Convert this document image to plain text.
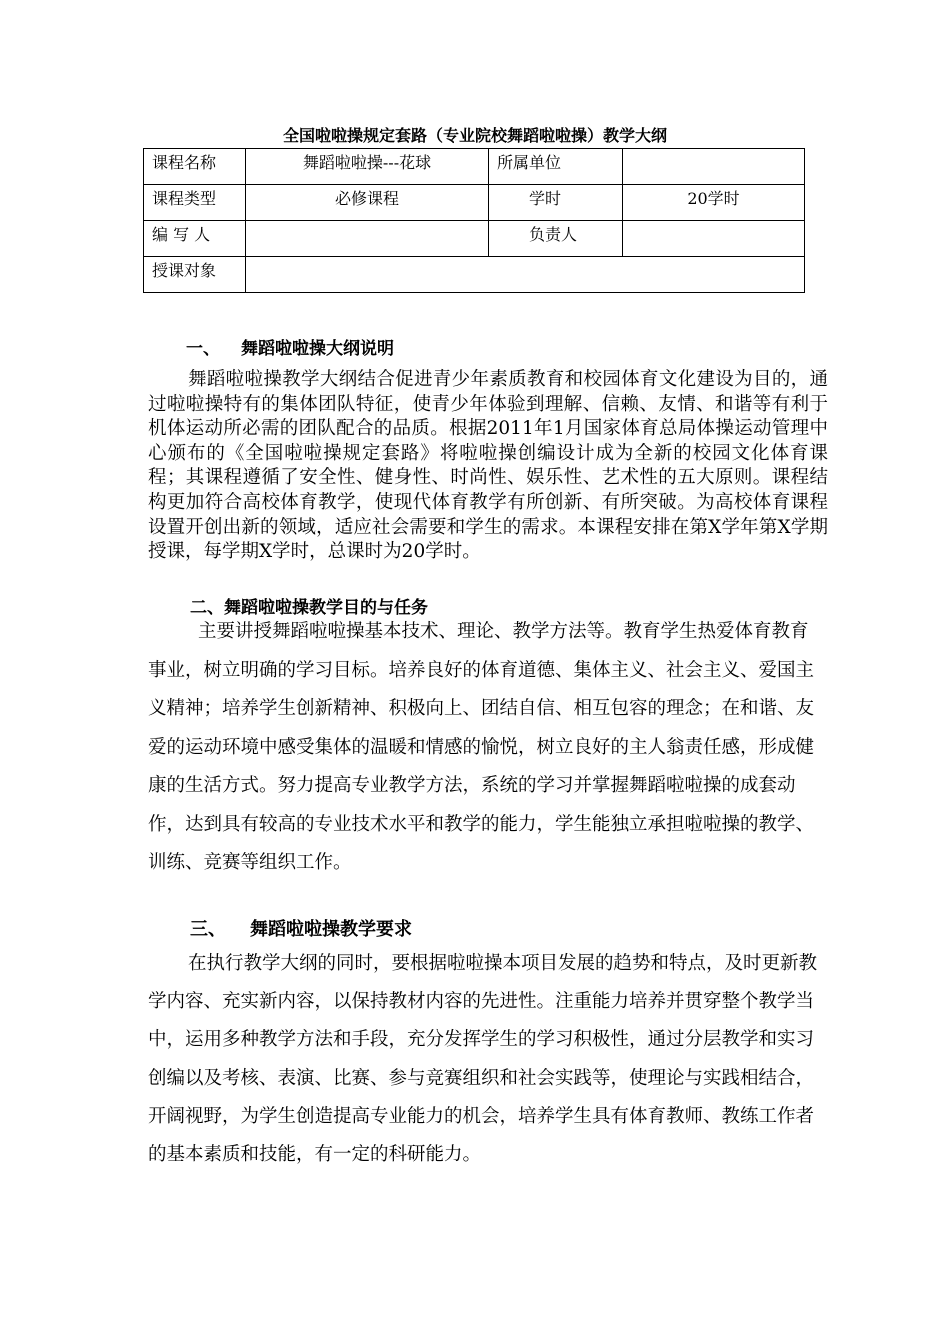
全国啦啦操规定套路（专业院校舞蹈啦啦操）教学大纲
课程名称	舞蹈啦啦操---花球	所属单位	
课程类型	必修课程	学时	20学时
编 写 人		负责人	
授课对象			
一、 舞蹈啦啦操大纲说明

舞蹈啦啦操教学大纲结合促进青少年素质教育和校园体育文化建设为目的，通过啦啦操特有的集体团队特征，使青少年体验到理解、信赖、友情、和谐等有利于机体运动所必需的团队配合的品质。根据2011年1月国家体育总局体操运动管理中心颁布的《全国啦啦操规定套路》将啦啦操创编设计成为全新的校园文化体育课程；其课程遵循了安全性、健身性、时尚性、娱乐性、艺术性的五大原则。课程结构更加符合高校体育教学，使现代体育教学有所创新、有所突破。为高校体育课程设置开创出新的领域，适应社会需要和学生的需求。本课程安排在第X学年第X学期授课，每学期X学时，总课时为20学时。

二、舞蹈啦啦操教学目的与任务

主要讲授舞蹈啦啦操基本技术、理论、教学方法等。教育学生热爱体育教育事业，树立明确的学习目标。培养良好的体育道德、集体主义、社会主义、爱国主义精神；培养学生创新精神、积极向上、团结自信、相互包容的理念；在和谐、友爱的运动环境中感受集体的温暖和情感的愉悦，树立良好的主人翁责任感，形成健康的生活方式。努力提高专业教学方法，系统的学习并掌握舞蹈啦啦操的成套动作，达到具有较高的专业技术水平和教学的能力，学生能独立承担啦啦操的教学、训练、竞赛等组织工作。

三、 舞蹈啦啦操教学要求

在执行教学大纲的同时，要根据啦啦操本项目发展的趋势和特点，及时更新教学内容、充实新内容，以保持教材内容的先进性。注重能力培养并贯穿整个教学当中，运用多种教学方法和手段，充分发挥学生的学习积极性，通过分层教学和实习创编以及考核、表演、比赛、参与竞赛组织和社会实践等，使理论与实践相结合，开阔视野，为学生创造提高专业能力的机会，培养学生具有体育教师、教练工作者的基本素质和技能，有一定的科研能力。
